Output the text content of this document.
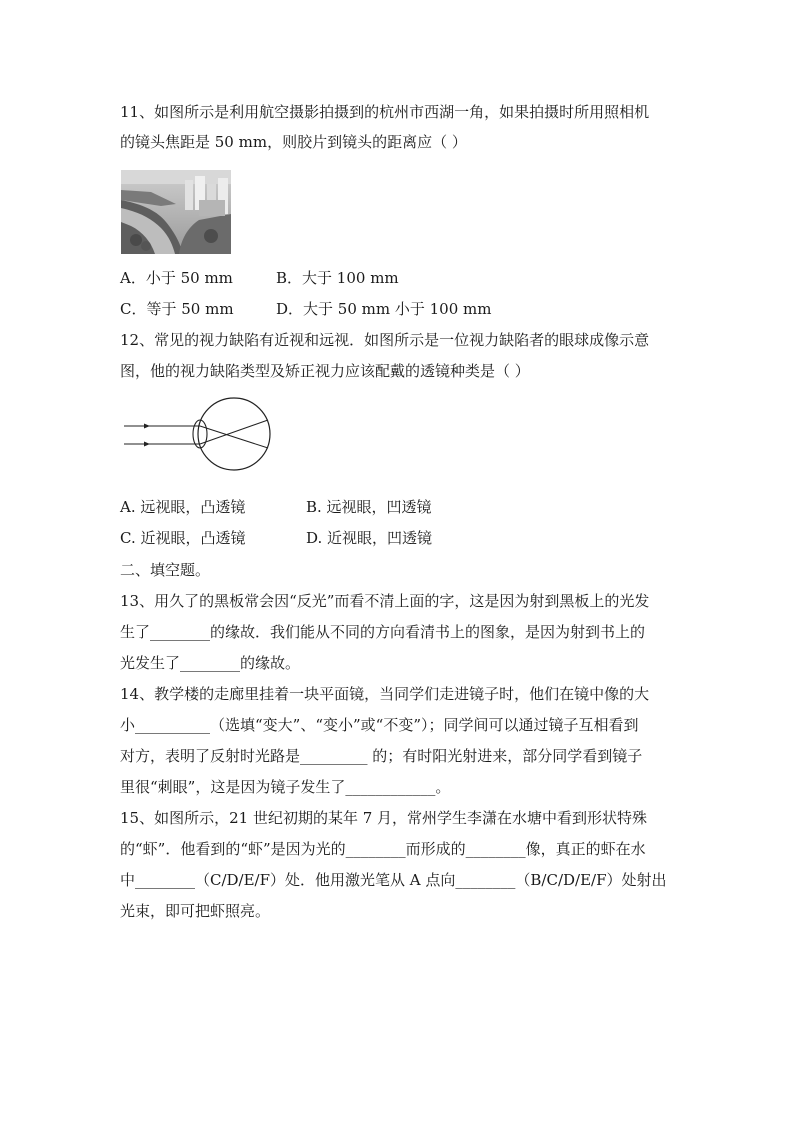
11、如图所示是利用航空摄影拍摄到的杭州市西湖一角，如果拍摄时所用照相机
的镜头焦距是 50 mm，则胶片到镜头的距离应（ ）
A．小于 50 mm	B．大于 100 mm
C．等于 50 mm	D．大于 50 mm 小于 100 mm
12、常见的视力缺陷有近视和远视．如图所示是一位视力缺陷者的眼球成像示意
图，他的视力缺陷类型及矫正视力应该配戴的透镜种类是（ ）
A. 远视眼，凸透镜	B. 远视眼，凹透镜
C. 近视眼，凸透镜	D. 近视眼，凹透镜
二、填空题。
13、用久了的黑板常会因“反光”而看不清上面的字，这是因为射到黑板上的光发
生了________的缘故．我们能从不同的方向看清书上的图象，是因为射到书上的
光发生了________的缘故。
14、教学楼的走廊里挂着一块平面镜，当同学们走进镜子时，他们在镜中像的大
小__________（选填“变大”、“变小”或“不变”）；同学间可以通过镜子互相看到
对方，表明了反射时光路是_________ 的；有时阳光射进来，部分同学看到镜子
里很“刺眼”，这是因为镜子发生了____________。
15、如图所示，21 世纪初期的某年 7 月，常州学生李潇在水塘中看到形状特殊
的“虾”．他看到的“虾”是因为光的________而形成的________像，真正的虾在水
中________（C/D/E/F）处．他用激光笔从 A 点向________（B/C/D/E/F）处射出
光束，即可把虾照亮。
